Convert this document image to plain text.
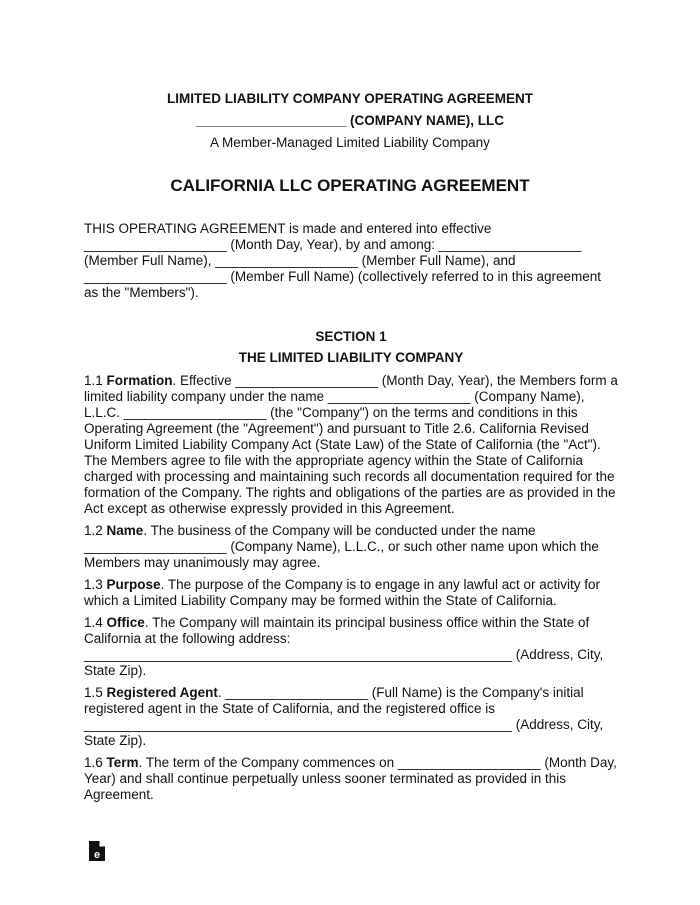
LIMITED LIABILITY COMPANY OPERATING AGREEMENT
____________________ (COMPANY NAME), LLC
A Member-Managed Limited Liability Company
CALIFORNIA LLC OPERATING AGREEMENT

THIS OPERATING AGREEMENT is made and entered into effective ___________________ (Month Day, Year), by and among: ___________________ (Member Full Name), ___________________ (Member Full Name), and ___________________ (Member Full Name) (collectively referred to in this agreement as the "Members").

SECTION 1
THE LIMITED LIABILITY COMPANY

1.1 Formation. Effective ___________________ (Month Day, Year), the Members form a limited liability company under the name ___________________ (Company Name), L.L.C. ___________________ (the "Company") on the terms and conditions in this Operating Agreement (the "Agreement") and pursuant to Title 2.6. California Revised Uniform Limited Liability Company Act (State Law) of the State of California (the "Act"). The Members agree to file with the appropriate agency within the State of California charged with processing and maintaining such records all documentation required for the formation of the Company. The rights and obligations of the parties are as provided in the Act except as otherwise expressly provided in this Agreement.

1.2 Name. The business of the Company will be conducted under the name ___________________ (Company Name), L.L.C., or such other name upon which the Members may unanimously may agree.

1.3 Purpose. The purpose of the Company is to engage in any lawful act or activity for which a Limited Liability Company may be formed within the State of California.

1.4 Office. The Company will maintain its principal business office within the State of California at the following address: _________________________________________________________ (Address, City, State Zip).

1.5 Registered Agent. ___________________ (Full Name) is the Company's initial registered agent in the State of California, and the registered office is _________________________________________________________ (Address, City, State Zip).

1.6 Term. The term of the Company commences on ___________________ (Month Day, Year) and shall continue perpetually unless sooner terminated as provided in this Agreement.

e
